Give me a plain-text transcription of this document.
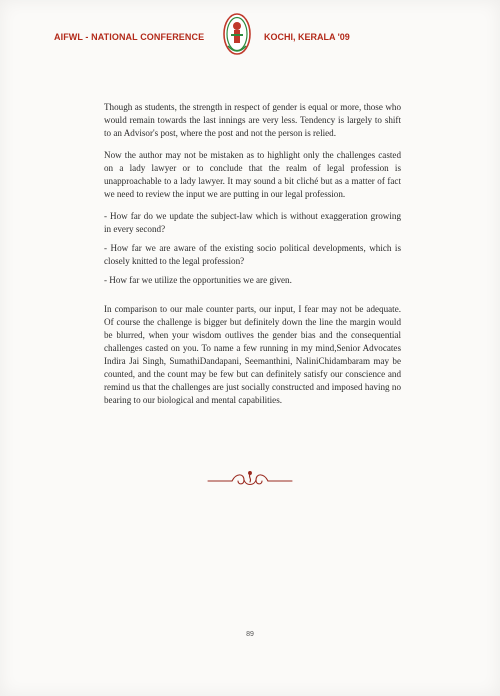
AIFWL - NATIONAL CONFERENCE	KOCHI, KERALA '09

Though as students, the strength in respect of gender is equal or more, those who would remain towards the last innings are very less. Tendency is largely to shift to an Advisor's post, where the post and not the person is relied.

Now the author may not be mistaken as to highlight only the challenges casted on a lady lawyer or to conclude that the realm of legal profession is unapproachable to a lady lawyer. It may sound a bit cliché but as a matter of fact we need to review the input we are putting in our legal profession.

- How far do we update the subject-law which is without exaggeration growing in every second?

- How far we are aware of the existing socio political developments, which is closely knitted to the legal profession?

- How far we utilize the opportunities we are given.

In comparison to our male counter parts, our input, I fear may not be adequate. Of course the challenge is bigger but definitely down the line the margin would be blurred, when your wisdom outlives the gender bias and the consequential challenges casted on you. To name a few running in my mind,Senior Advocates Indira Jai Singh, SumathiDandapani, Seemanthini, NaliniChidambaram may be counted, and the count may be few but can definitely satisfy our conscience and remind us that the challenges are just socially constructed and imposed having no bearing to our biological and mental capabilities.

89
